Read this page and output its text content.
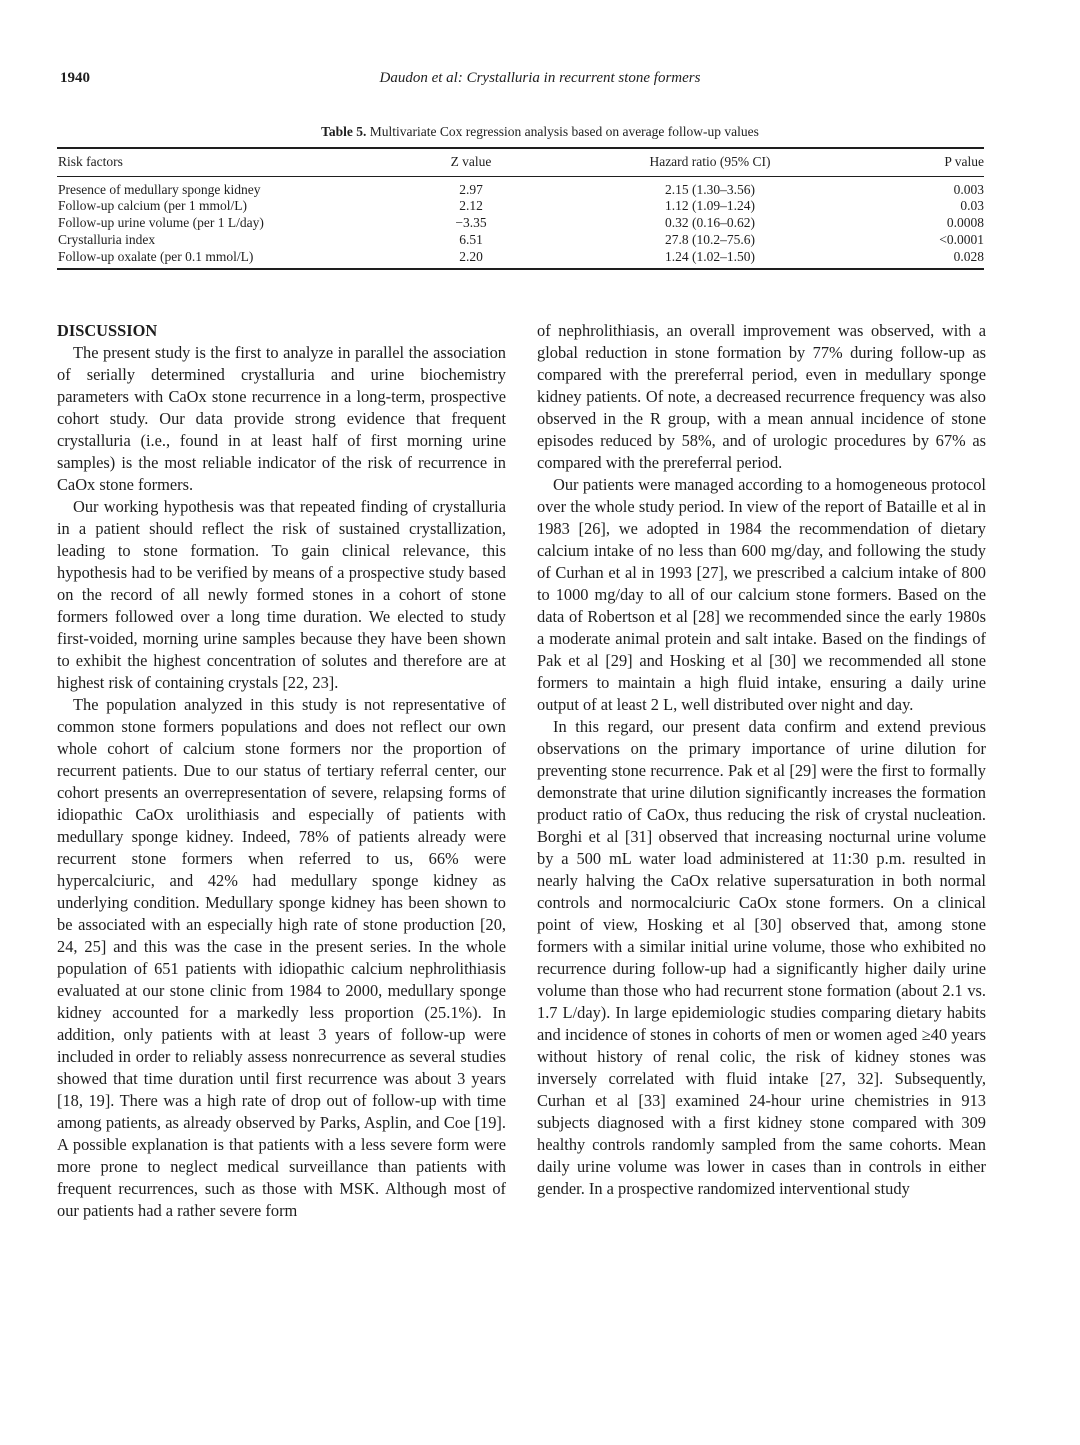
1940	Daudon et al: Crystalluria in recurrent stone formers
Table 5. Multivariate Cox regression analysis based on average follow-up values
Risk factors	Z value	Hazard ratio (95% CI)	P value
Presence of medullary sponge kidney	2.97	2.15 (1.30–3.56)	0.003
Follow-up calcium (per 1 mmol/L)	2.12	1.12 (1.09–1.24)	0.03
Follow-up urine volume (per 1 L/day)	−3.35	0.32 (0.16–0.62)	0.0008
Crystalluria index	6.51	27.8 (10.2–75.6)	<0.0001
Follow-up oxalate (per 0.1 mmol/L)	2.20	1.24 (1.02–1.50)	0.028
DISCUSSION

The present study is the first to analyze in parallel the association of serially determined crystalluria and urine biochemistry parameters with CaOx stone recurrence in a long-term, prospective cohort study. Our data provide strong evidence that frequent crystalluria (i.e., found in at least half of first morning urine samples) is the most reliable indicator of the risk of recurrence in CaOx stone formers.

Our working hypothesis was that repeated finding of crystalluria in a patient should reflect the risk of sustained crystallization, leading to stone formation. To gain clinical relevance, this hypothesis had to be verified by means of a prospective study based on the record of all newly formed stones in a cohort of stone formers followed over a long time duration. We elected to study first-voided, morning urine samples because they have been shown to exhibit the highest concentration of solutes and therefore are at highest risk of containing crystals [22, 23].

The population analyzed in this study is not representative of common stone formers populations and does not reflect our own whole cohort of calcium stone formers nor the proportion of recurrent patients. Due to our status of tertiary referral center, our cohort presents an overrepresentation of severe, relapsing forms of idiopathic CaOx urolithiasis and especially of patients with medullary sponge kidney. Indeed, 78% of patients already were recurrent stone formers when referred to us, 66% were hypercalciuric, and 42% had medullary sponge kidney as underlying condition. Medullary sponge kidney has been shown to be associated with an especially high rate of stone production [20, 24, 25] and this was the case in the present series. In the whole population of 651 patients with idiopathic calcium nephrolithiasis evaluated at our stone clinic from 1984 to 2000, medullary sponge kidney accounted for a markedly less proportion (25.1%). In addition, only patients with at least 3 years of follow-up were included in order to reliably assess nonrecurrence as several studies showed that time duration until first recurrence was about 3 years [18, 19]. There was a high rate of drop out of follow-up with time among patients, as already observed by Parks, Asplin, and Coe [19]. A possible explanation is that patients with a less severe form were more prone to neglect medical surveillance than patients with frequent recurrences, such as those with MSK. Although most of our patients had a rather severe form

of nephrolithiasis, an overall improvement was observed, with a global reduction in stone formation by 77% during follow-up as compared with the prereferral period, even in medullary sponge kidney patients. Of note, a decreased recurrence frequency was also observed in the R group, with a mean annual incidence of stone episodes reduced by 58%, and of urologic procedures by 67% as compared with the prereferral period.

Our patients were managed according to a homogeneous protocol over the whole study period. In view of the report of Bataille et al in 1983 [26], we adopted in 1984 the recommendation of dietary calcium intake of no less than 600 mg/day, and following the study of Curhan et al in 1993 [27], we prescribed a calcium intake of 800 to 1000 mg/day to all of our calcium stone formers. Based on the data of Robertson et al [28] we recommended since the early 1980s a moderate animal protein and salt intake. Based on the findings of Pak et al [29] and Hosking et al [30] we recommended all stone formers to maintain a high fluid intake, ensuring a daily urine output of at least 2 L, well distributed over night and day.

In this regard, our present data confirm and extend previous observations on the primary importance of urine dilution for preventing stone recurrence. Pak et al [29] were the first to formally demonstrate that urine dilution significantly increases the formation product ratio of CaOx, thus reducing the risk of crystal nucleation. Borghi et al [31] observed that increasing nocturnal urine volume by a 500 mL water load administered at 11:30 p.m. resulted in nearly halving the CaOx relative supersaturation in both normal controls and normocalciuric CaOx stone formers. On a clinical point of view, Hosking et al [30] observed that, among stone formers with a similar initial urine volume, those who exhibited no recurrence during follow-up had a significantly higher daily urine volume than those who had recurrent stone formation (about 2.1 vs. 1.7 L/day). In large epidemiologic studies comparing dietary habits and incidence of stones in cohorts of men or women aged ≥40 years without history of renal colic, the risk of kidney stones was inversely correlated with fluid intake [27, 32]. Subsequently, Curhan et al [33] examined 24-hour urine chemistries in 913 subjects diagnosed with a first kidney stone compared with 309 healthy controls randomly sampled from the same cohorts. Mean daily urine volume was lower in cases than in controls in either gender. In a prospective randomized interventional study
